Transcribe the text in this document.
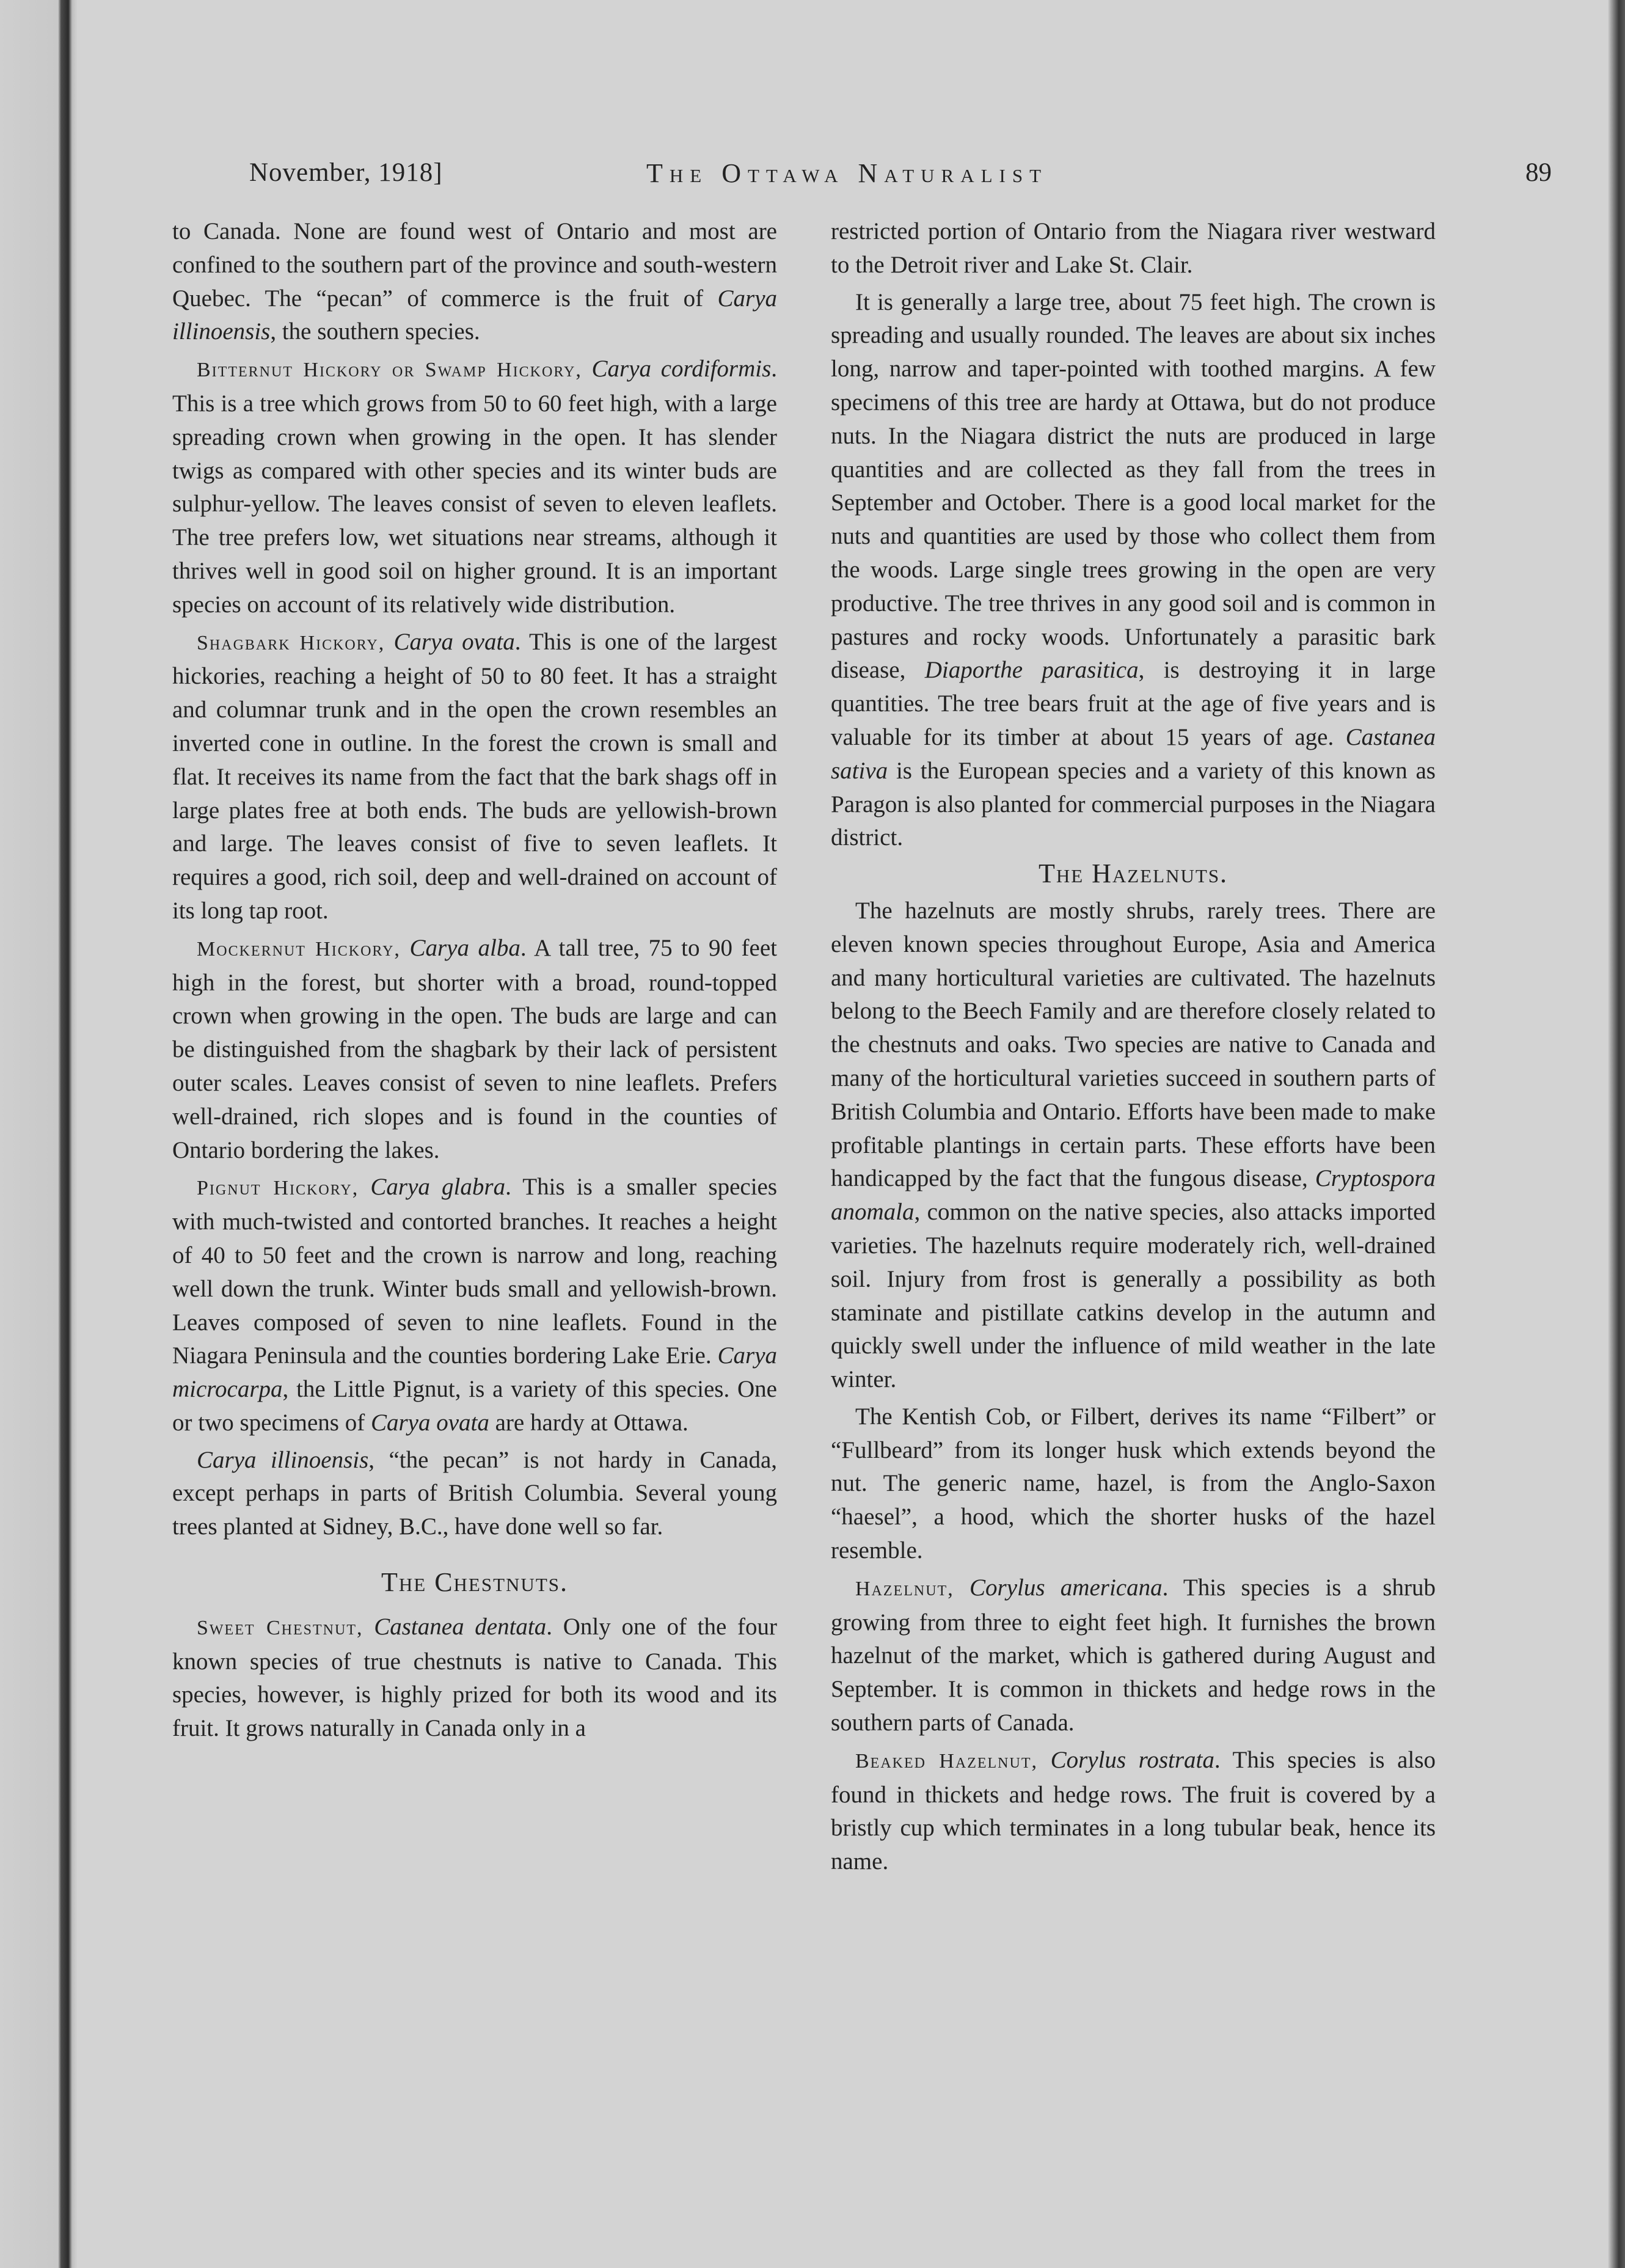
November, 1918]	The Ottawa Naturalist	89

to Canada. None are found west of Ontario and most are confined to the southern part of the province and south-western Quebec. The “pecan” of commerce is the fruit of Carya illinoensis, the southern species.

Bitternut Hickory or Swamp Hickory, Carya cordiformis. This is a tree which grows from 50 to 60 feet high, with a large spreading crown when growing in the open. It has slender twigs as compared with other species and its winter buds are sulphur-yellow. The leaves consist of seven to eleven leaflets. The tree prefers low, wet situations near streams, although it thrives well in good soil on higher ground. It is an important species on account of its relatively wide distribution.

Shagbark Hickory, Carya ovata. This is one of the largest hickories, reaching a height of 50 to 80 feet. It has a straight and columnar trunk and in the open the crown resembles an inverted cone in outline. In the forest the crown is small and flat. It receives its name from the fact that the bark shags off in large plates free at both ends. The buds are yellowish-brown and large. The leaves consist of five to seven leaflets. It requires a good, rich soil, deep and well-drained on account of its long tap root.

Mockernut Hickory, Carya alba. A tall tree, 75 to 90 feet high in the forest, but shorter with a broad, round-topped crown when growing in the open. The buds are large and can be distinguished from the shagbark by their lack of persistent outer scales. Leaves consist of seven to nine leaflets. Prefers well-drained, rich slopes and is found in the counties of Ontario bordering the lakes.

Pignut Hickory, Carya glabra. This is a smaller species with much-twisted and contorted branches. It reaches a height of 40 to 50 feet and the crown is narrow and long, reaching well down the trunk. Winter buds small and yellowish-brown. Leaves composed of seven to nine leaflets. Found in the Niagara Peninsula and the counties bordering Lake Erie. Carya microcarpa, the Little Pignut, is a variety of this species. One or two specimens of Carya ovata are hardy at Ottawa.

Carya illinoensis, “the pecan” is not hardy in Canada, except perhaps in parts of British Columbia. Several young trees planted at Sidney, B.C., have done well so far.

The Chestnuts.

Sweet Chestnut, Castanea dentata. Only one of the four known species of true chestnuts is native to Canada. This species, however, is highly prized for both its wood and its fruit. It grows naturally in Canada only in a

restricted portion of Ontario from the Niagara river westward to the Detroit river and Lake St. Clair.

It is generally a large tree, about 75 feet high. The crown is spreading and usually rounded. The leaves are about six inches long, narrow and taper-pointed with toothed margins. A few specimens of this tree are hardy at Ottawa, but do not produce nuts. In the Niagara district the nuts are produced in large quantities and are collected as they fall from the trees in September and October. There is a good local market for the nuts and quantities are used by those who collect them from the woods. Large single trees growing in the open are very productive. The tree thrives in any good soil and is common in pastures and rocky woods. Unfortunately a parasitic bark disease, Diaporthe parasitica, is destroying it in large quantities. The tree bears fruit at the age of five years and is valuable for its timber at about 15 years of age. Castanea sativa is the European species and a variety of this known as Paragon is also planted for commercial purposes in the Niagara district.

The Hazelnuts.

The hazelnuts are mostly shrubs, rarely trees. There are eleven known species throughout Europe, Asia and America and many horticultural varieties are cultivated. The hazelnuts belong to the Beech Family and are therefore closely related to the chestnuts and oaks. Two species are native to Canada and many of the horticultural varieties succeed in southern parts of British Columbia and Ontario. Efforts have been made to make profitable plantings in certain parts. These efforts have been handicapped by the fact that the fungous disease, Cryptospora anomala, common on the native species, also attacks imported varieties. The hazelnuts require moderately rich, well-drained soil. Injury from frost is generally a possibility as both staminate and pistillate catkins develop in the autumn and quickly swell under the influence of mild weather in the late winter.

The Kentish Cob, or Filbert, derives its name “Filbert” or “Fullbeard” from its longer husk which extends beyond the nut. The generic name, hazel, is from the Anglo-Saxon “haesel”, a hood, which the shorter husks of the hazel resemble.

Hazelnut, Corylus americana. This species is a shrub growing from three to eight feet high. It furnishes the brown hazelnut of the market, which is gathered during August and September. It is common in thickets and hedge rows in the southern parts of Canada.

Beaked Hazelnut, Corylus rostrata. This species is also found in thickets and hedge rows. The fruit is covered by a bristly cup which terminates in a long tubular beak, hence its name.
